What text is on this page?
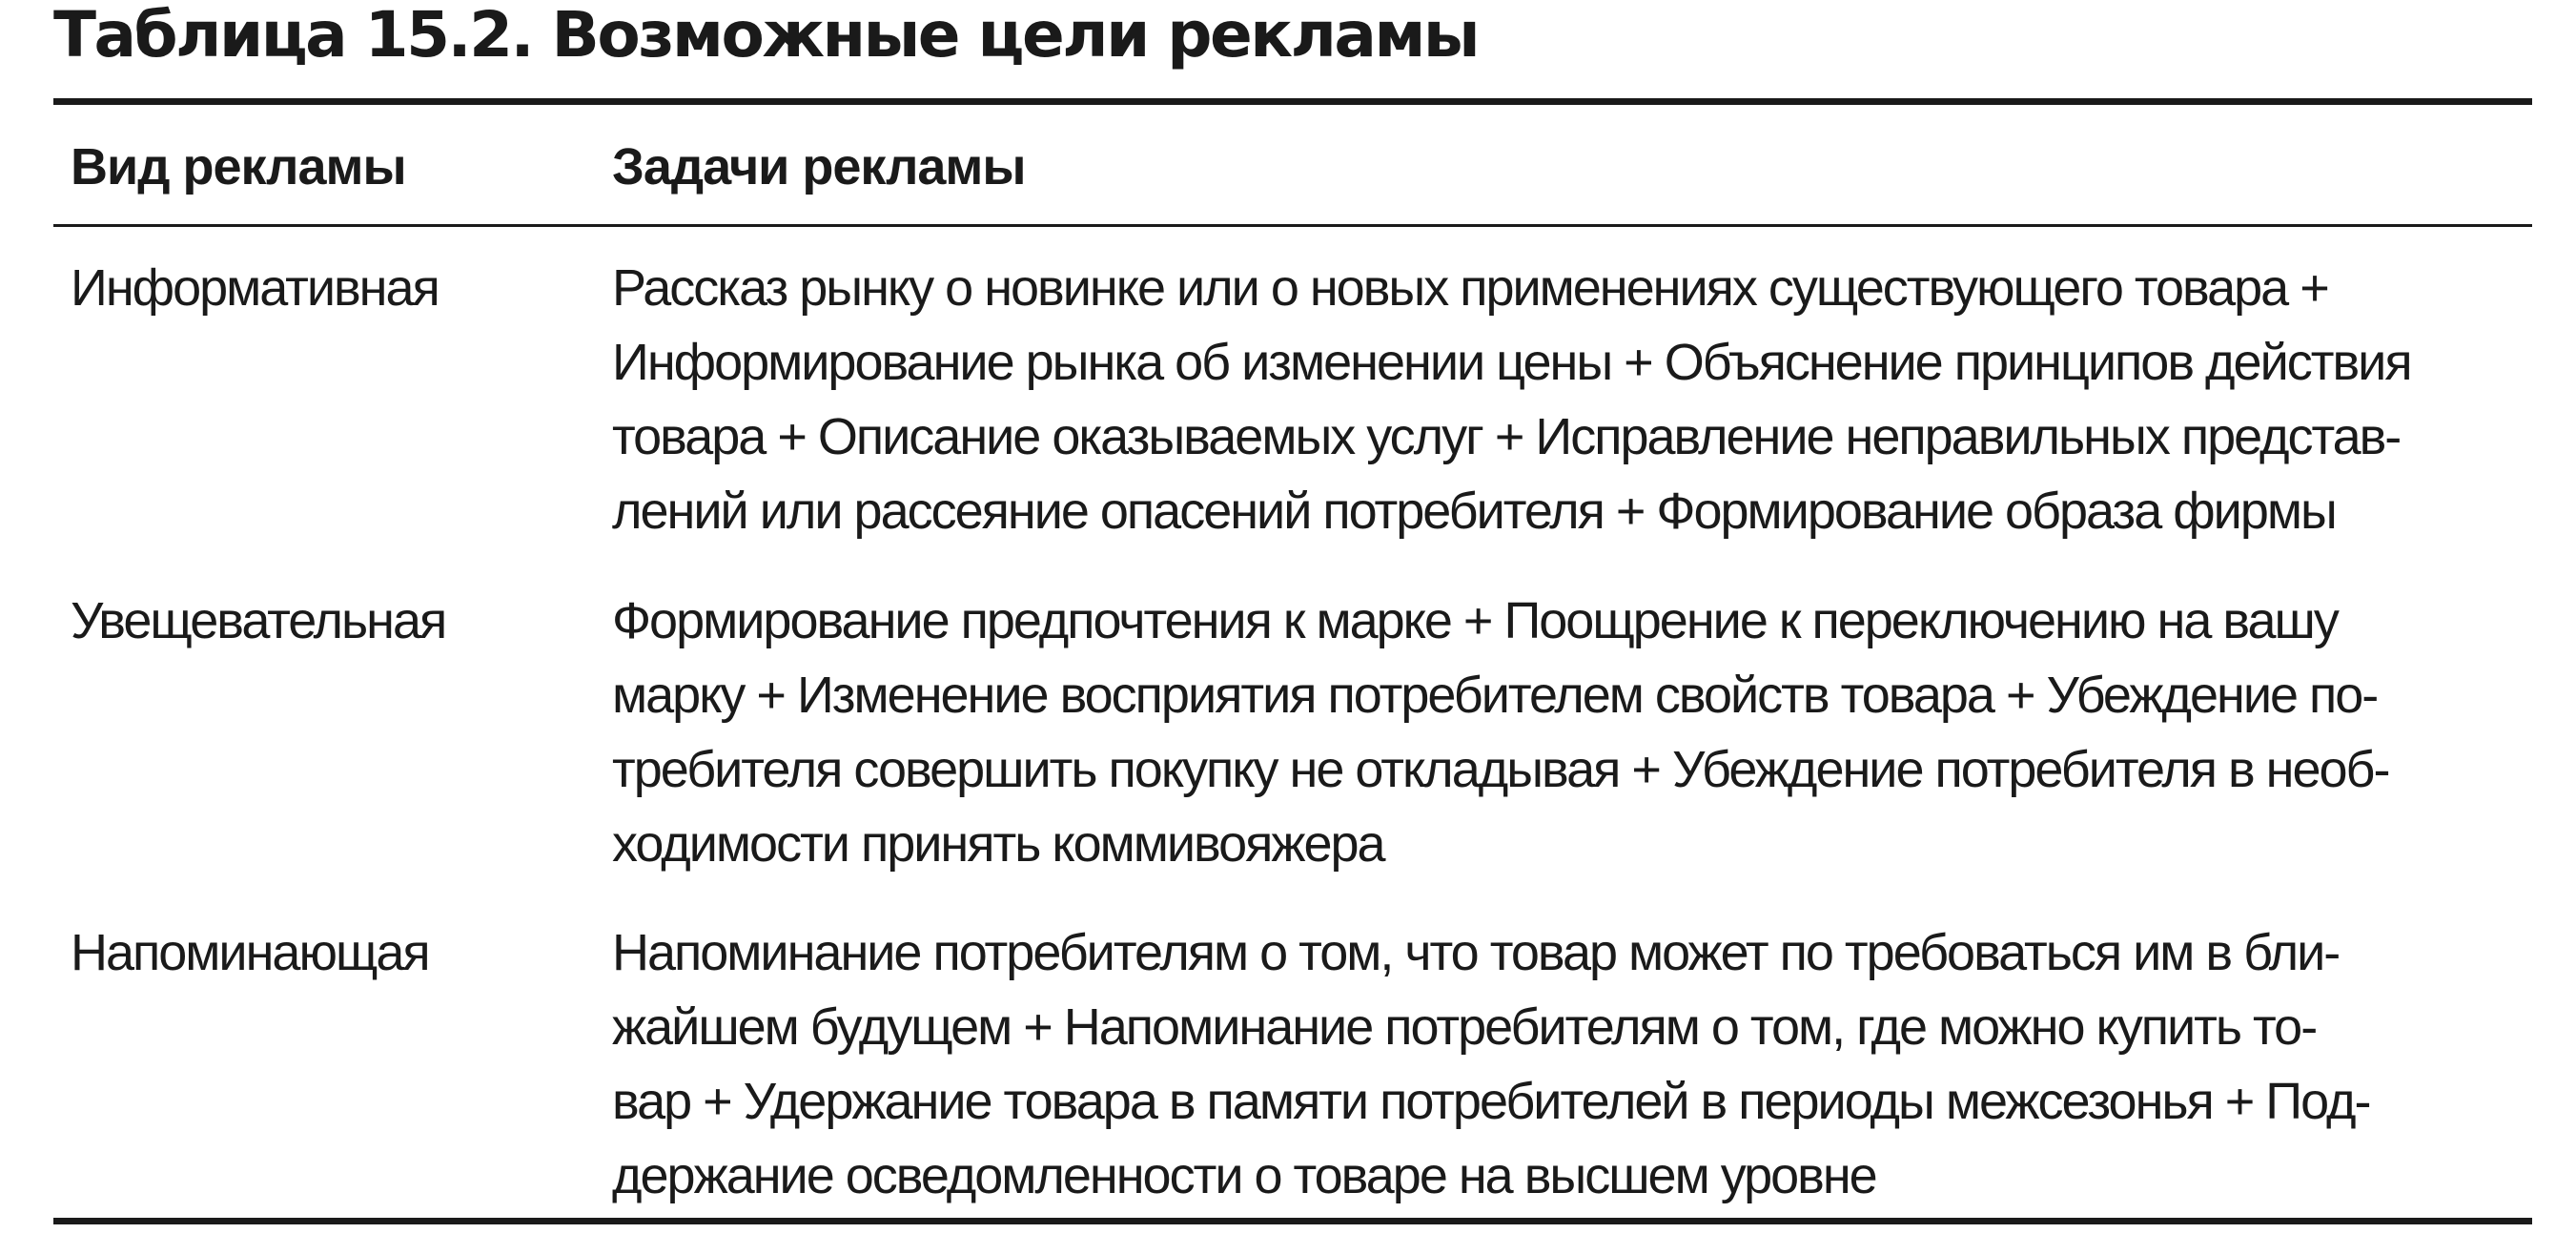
Таблица 15.2. Возможные цели рекламы
Вид рекламы	Задачи рекламы
Информативная	Рассказ рынку о новинке или о новых применениях существующего товара +
Информирование рынка об изменении цены + Объяснение принципов действия
товара + Описание оказываемых услуг + Исправление неправильных представ-
лений или рассеяние опасений потребителя + Формирование образа фирмы
Увещевательная	Формирование предпочтения к марке + Поощрение к переключению на вашу
марку + Изменение восприятия потребителем свойств товара + Убеждение по-
требителя совершить покупку не откладывая + Убеждение потребителя в необ-
ходимости принять коммивояжера
Напоминающая	Напоминание потребителям о том, что товар может по требоваться им в бли-
жайшем будущем + Напоминание потребителям о том, где можно купить то-
вар + Удержание товара в памяти потребителей в периоды межсезонья + Под-
держание осведомленности о товаре на высшем уровне
